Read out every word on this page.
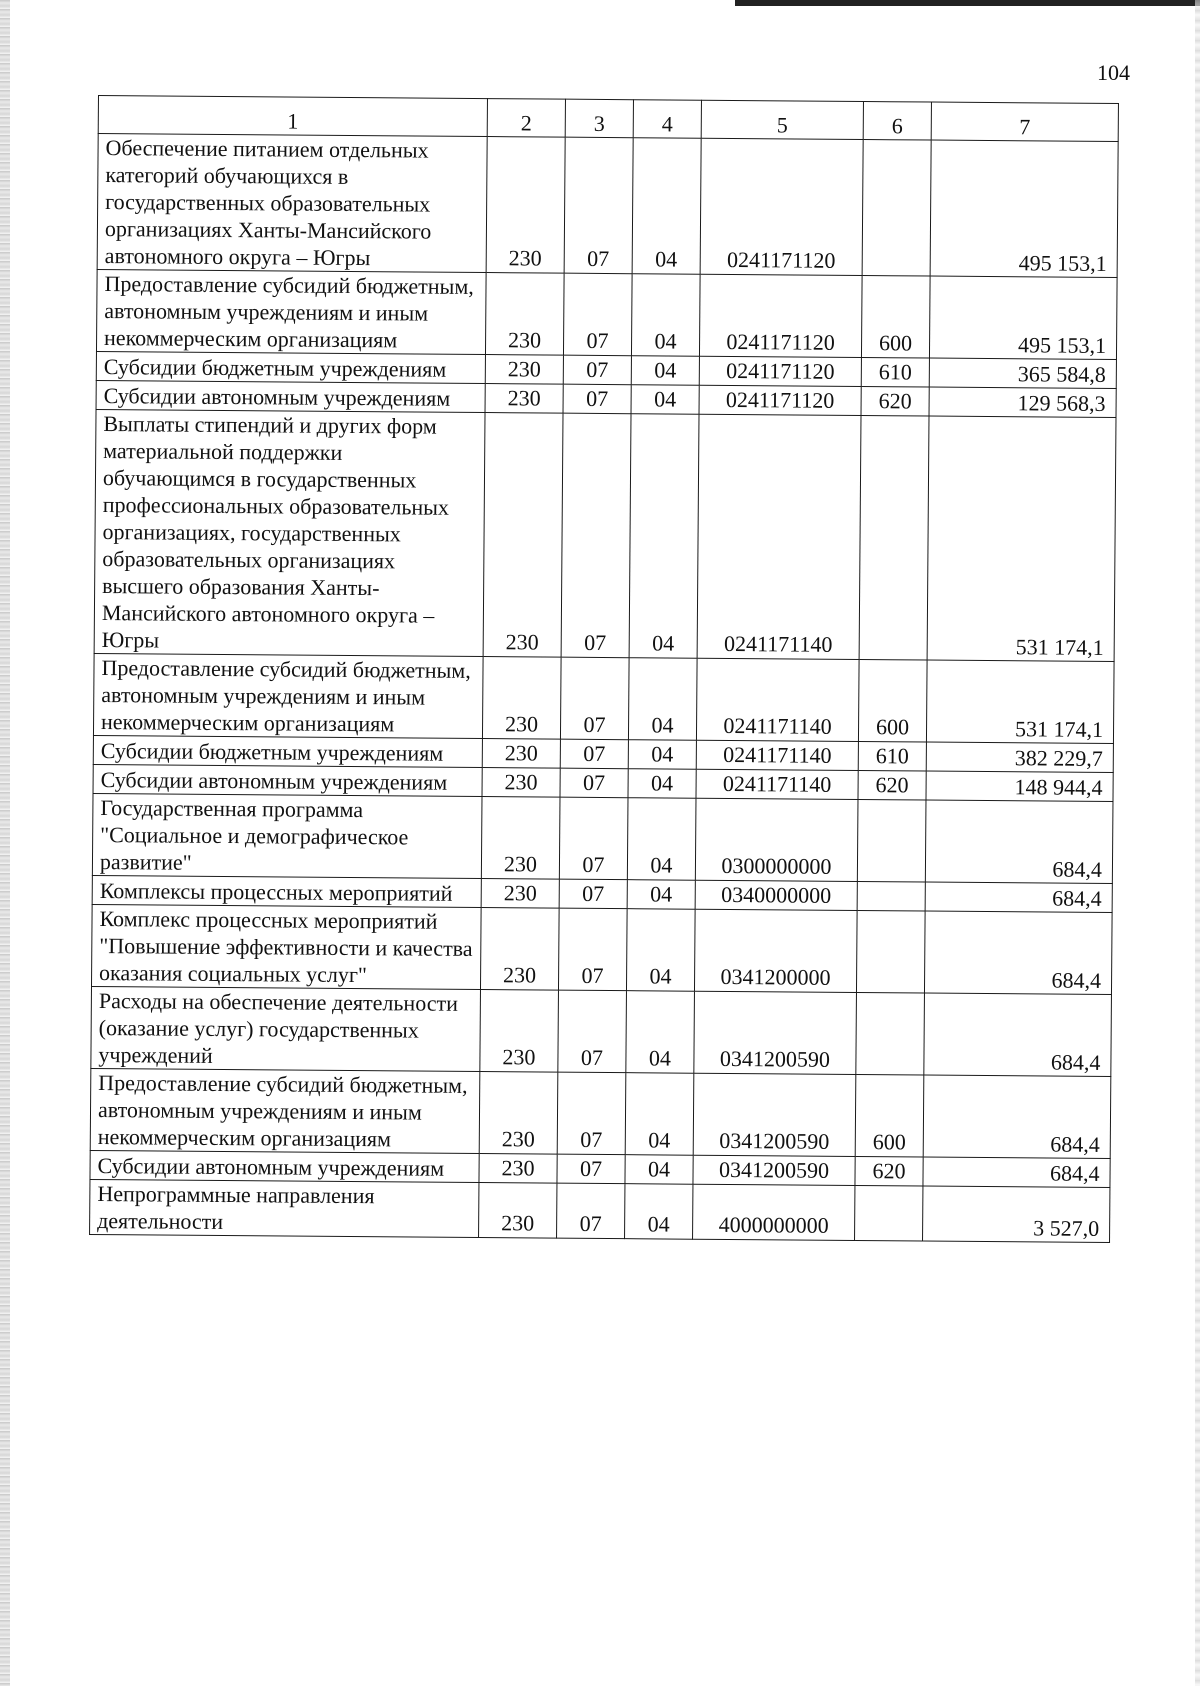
104
1	2	3	4	5	6	7
Обеспечение питанием отдельных категорий обучающихся в государственных образовательных организациях Ханты-Мансийского автономного округа – Югры	230	07	04	0241171120		495 153,1
Предоставление субсидий бюджетным, автономным учреждениям и иным некоммерческим организациям	230	07	04	0241171120	600	495 153,1
Субсидии бюджетным учреждениям	230	07	04	0241171120	610	365 584,8
Субсидии автономным учреждениям	230	07	04	0241171120	620	129 568,3
Выплаты стипендий и других форм материальной поддержки обучающимся в государственных профессиональных образовательных организациях, государственных образовательных организациях высшего образования Ханты-Мансийского автономного округа – Югры	230	07	04	0241171140		531 174,1
Предоставление субсидий бюджетным, автономным учреждениям и иным некоммерческим организациям	230	07	04	0241171140	600	531 174,1
Субсидии бюджетным учреждениям	230	07	04	0241171140	610	382 229,7
Субсидии автономным учреждениям	230	07	04	0241171140	620	148 944,4
Государственная программа "Социальное и демографическое развитие"	230	07	04	0300000000		684,4
Комплексы процессных мероприятий	230	07	04	0340000000		684,4
Комплекс процессных мероприятий "Повышение эффективности и качества оказания социальных услуг"	230	07	04	0341200000		684,4
Расходы на обеспечение деятельности (оказание услуг) государственных учреждений	230	07	04	0341200590		684,4
Предоставление субсидий бюджетным, автономным учреждениям и иным некоммерческим организациям	230	07	04	0341200590	600	684,4
Субсидии автономным учреждениям	230	07	04	0341200590	620	684,4
Непрограммные направления деятельности	230	07	04	4000000000		3 527,0
